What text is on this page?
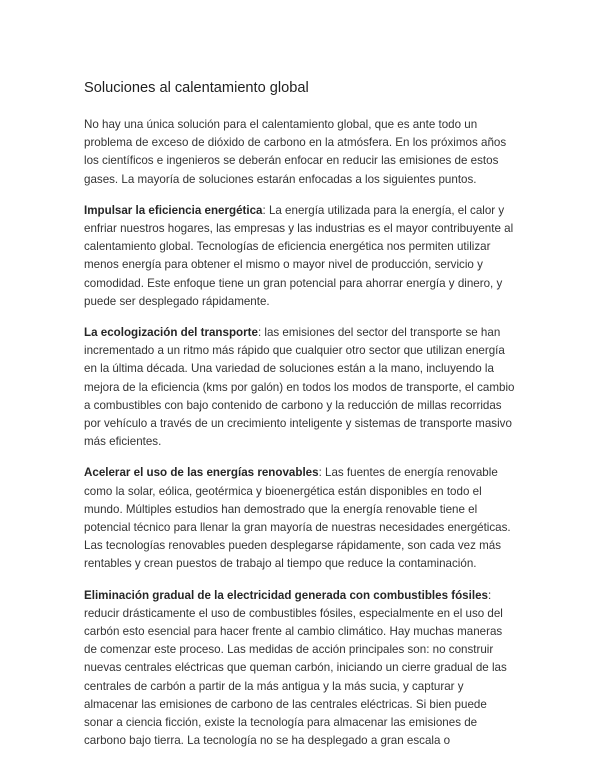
Soluciones al calentamiento global

No hay una única solución para el calentamiento global, que es ante todo un problema de exceso de dióxido de carbono en la atmósfera. En los próximos años los científicos e ingenieros se deberán enfocar en reducir las emisiones de estos gases. La mayoría de soluciones estarán enfocadas a los siguientes puntos.

Impulsar la eficiencia energética: La energía utilizada para la energía, el calor y enfriar nuestros hogares, las empresas y las industrias es el mayor contribuyente al calentamiento global. Tecnologías de eficiencia energética nos permiten utilizar menos energía para obtener el mismo o mayor nivel de producción, servicio y comodidad. Este enfoque tiene un gran potencial para ahorrar energía y dinero, y puede ser desplegado rápidamente.

La ecologización del transporte: las emisiones del sector del transporte se han incrementado a un ritmo más rápido que cualquier otro sector que utilizan energía en la última década. Una variedad de soluciones están a la mano, incluyendo la mejora de la eficiencia (kms por galón) en todos los modos de transporte, el cambio a combustibles con bajo contenido de carbono y la reducción de millas recorridas por vehículo a través de un crecimiento inteligente y sistemas de transporte masivo más eficientes.

Acelerar el uso de las energías renovables: Las fuentes de energía renovable como la solar, eólica, geotérmica y bioenergética están disponibles en todo el mundo. Múltiples estudios han demostrado que la energía renovable tiene el potencial técnico para llenar la gran mayoría de nuestras necesidades energéticas. Las tecnologías renovables pueden desplegarse rápidamente, son cada vez más rentables y crean puestos de trabajo al tiempo que reduce la contaminación.

Eliminación gradual de la electricidad generada con combustibles fósiles: reducir drásticamente el uso de combustibles fósiles, especialmente en el uso del carbón esto esencial para hacer frente al cambio climático. Hay muchas maneras de comenzar este proceso. Las medidas de acción principales son: no construir nuevas centrales eléctricas que queman carbón, iniciando un cierre gradual de las centrales de carbón a partir de la más antigua y la más sucia, y capturar y almacenar las emisiones de carbono de las centrales eléctricas. Si bien puede sonar a ciencia ficción, existe la tecnología para almacenar las emisiones de carbono bajo tierra. La tecnología no se ha desplegado a gran escala o
